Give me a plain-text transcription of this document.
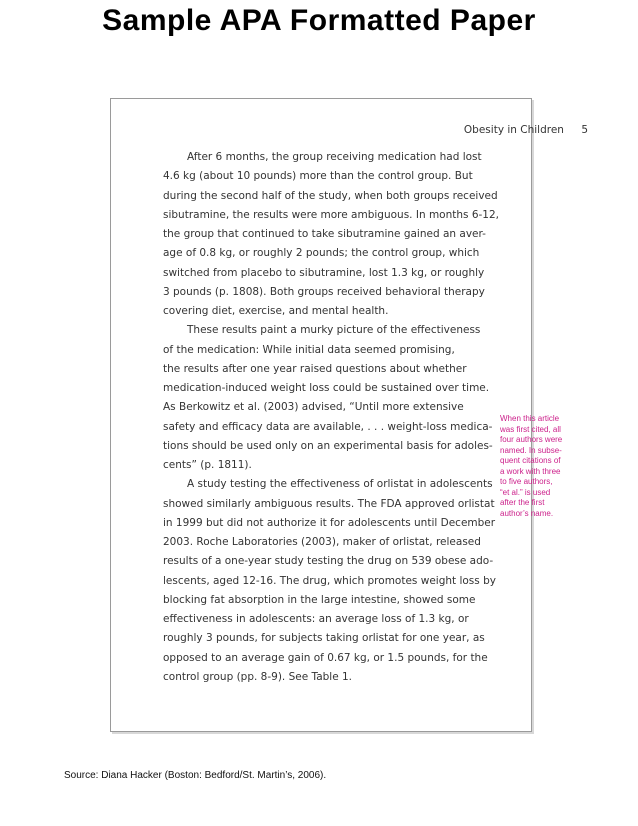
Sample APA Formatted Paper
Obesity in Children 5
After 6 months, the group receiving medication had lost
4.6 kg (about 10 pounds) more than the control group. But
during the second half of the study, when both groups received
sibutramine, the results were more ambiguous. In months 6-12,
the group that continued to take sibutramine gained an aver-
age of 0.8 kg, or roughly 2 pounds; the control group, which
switched from placebo to sibutramine, lost 1.3 kg, or roughly
3 pounds (p. 1808). Both groups received behavioral therapy
covering diet, exercise, and mental health.
These results paint a murky picture of the effectiveness
of the medication: While initial data seemed promising,
the results after one year raised questions about whether
medication-induced weight loss could be sustained over time.
As Berkowitz et al. (2003) advised, “Until more extensive
safety and efficacy data are available, . . . weight-loss medica-
tions should be used only on an experimental basis for adoles-
cents” (p. 1811).
A study testing the effectiveness of orlistat in adolescents
showed similarly ambiguous results. The FDA approved orlistat
in 1999 but did not authorize it for adolescents until December
2003. Roche Laboratories (2003), maker of orlistat, released
results of a one-year study testing the drug on 539 obese ado-
lescents, aged 12-16. The drug, which promotes weight loss by
blocking fat absorption in the large intestine, showed some
effectiveness in adolescents: an average loss of 1.3 kg, or
roughly 3 pounds, for subjects taking orlistat for one year, as
opposed to an average gain of 0.67 kg, or 1.5 pounds, for the
control group (pp. 8-9). See Table 1.
When this article
was first cited, all
four authors were
named. In subse-
quent citations of
a work with three
to five authors,
“et al.” is used
after the first
author’s name.
Source: Diana Hacker (Boston: Bedford/St. Martin’s, 2006).
